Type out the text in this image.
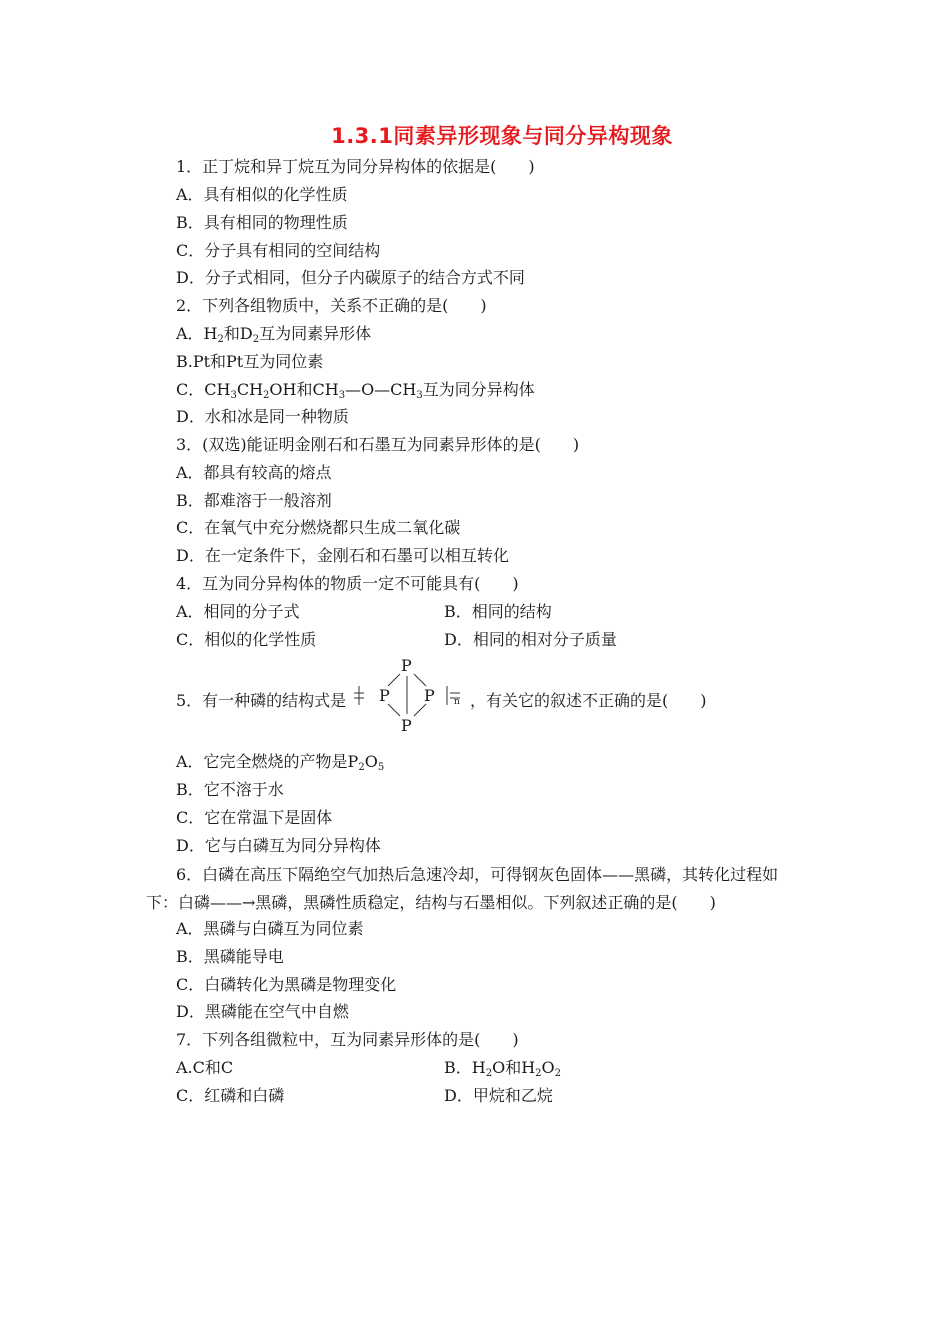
1.3.1同素异形现象与同分异构现象
1．正丁烷和异丁烷互为同分异构体的依据是(　　)
A．具有相似的化学性质
B．具有相同的物理性质
C．分子具有相同的空间结构
D．分子式相同，但分子内碳原子的结合方式不同
2．下列各组物质中，关系不正确的是(　　)
A．$H_2$和$D_2$互为同素异形体
B.Pt和Pt互为同位素
C．$CH_3CH_2OH$和$CH_3—O—CH_3$互为同分异构体
D．水和冰是同一种物质
3．(双选)能证明金刚石和石墨互为同素异形体的是(　　)
A．都具有较高的熔点
B．都难溶于一般溶剂
C．在氧气中充分燃烧都只生成二氧化碳
D．在一定条件下，金刚石和石墨可以相互转化
4．互为同分异构体的物质一定不可能具有(　　)
A．相同的分子式	B．相同的结构
C．相似的化学性质	D．相同的相对分子质量
5．有一种磷的结构式是
P
P P
P
n ，有关它的叙述不正确的是(　　)
A．它完全燃烧的产物是$P_2O_5$
B．它不溶于水
C．它在常温下是固体
D．它与白磷互为同分异构体
6．白磷在高压下隔绝空气加热后急速冷却，可得钢灰色固体——黑磷，其转化过程如下：白磷——→黑磷，黑磷性质稳定，结构与石墨相似。下列叙述正确的是(　　)
A．黑磷与白磷互为同位素
B．黑磷能导电
C．白磷转化为黑磷是物理变化
D．黑磷能在空气中自燃
7．下列各组微粒中，互为同素异形体的是(　　)
A.C和C	B．$H_2O$和$H_2O_2$
C．红磷和白磷	D．甲烷和乙烷
